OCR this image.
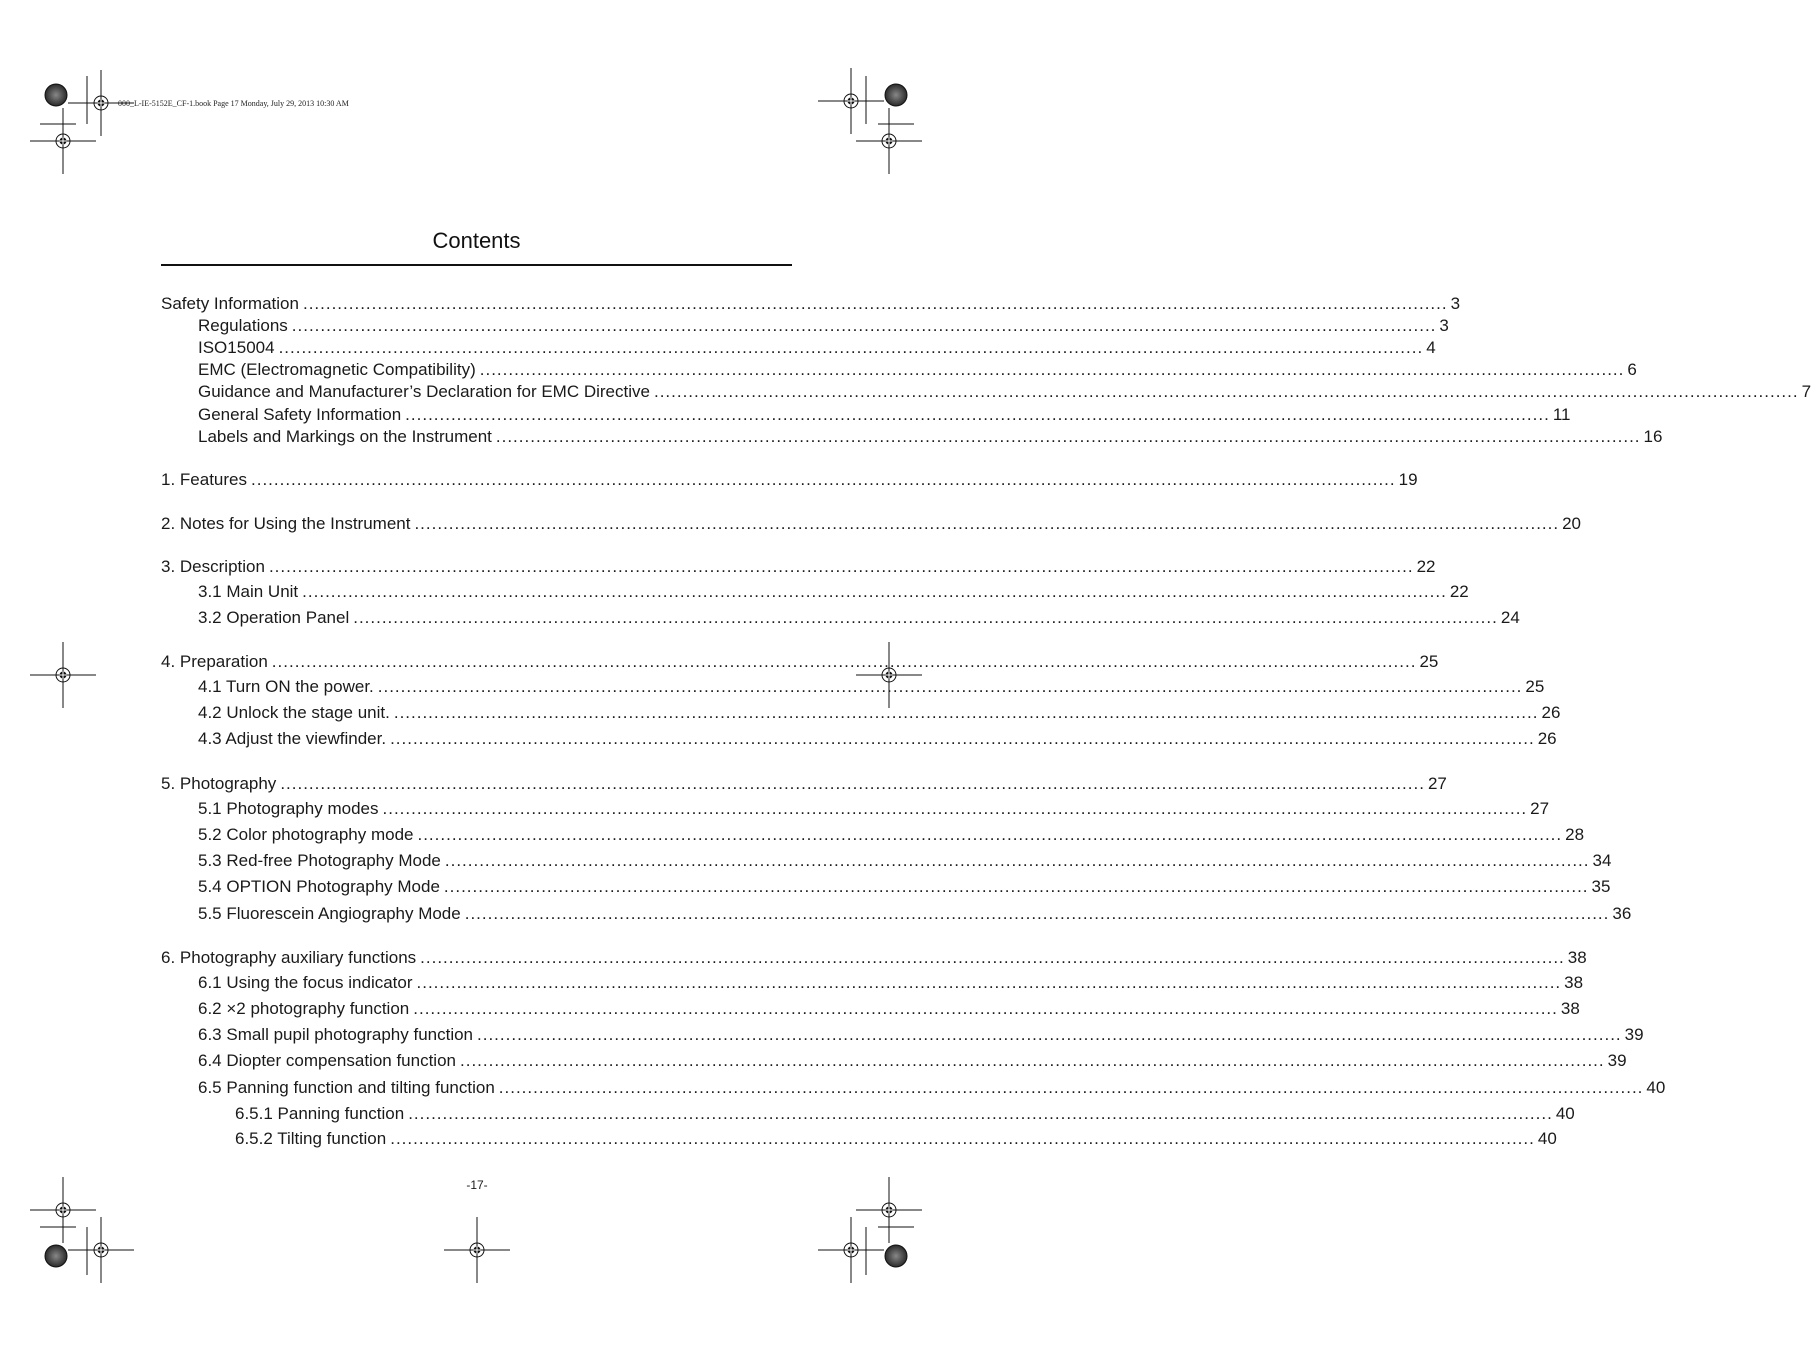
000_L-IE-5152E_CF-1.book Page 17 Monday, July 29, 2013 10:30 AM
Contents
Safety Information ........................................................................................................................................................................................................ 3
Regulations ........................................................................................................................................................................................................ 3
ISO15004 ........................................................................................................................................................................................................ 4
EMC (Electromagnetic Compatibility) ........................................................................................................................................................................................................ 6
Guidance and Manufacturer’s Declaration for EMC Directive ........................................................................................................................................................................................................ 7
General Safety Information ........................................................................................................................................................................................................ 11
Labels and Markings on the Instrument ........................................................................................................................................................................................................ 16
1. Features ........................................................................................................................................................................................................ 19
2. Notes for Using the Instrument ........................................................................................................................................................................................................ 20
3. Description ........................................................................................................................................................................................................ 22
3.1 Main Unit ........................................................................................................................................................................................................ 22
3.2 Operation Panel ........................................................................................................................................................................................................ 24
4. Preparation ........................................................................................................................................................................................................ 25
4.1 Turn ON the power. ........................................................................................................................................................................................................ 25
4.2 Unlock the stage unit. ........................................................................................................................................................................................................ 26
4.3 Adjust the viewfinder. ........................................................................................................................................................................................................ 26
5. Photography ........................................................................................................................................................................................................ 27
5.1 Photography modes ........................................................................................................................................................................................................ 27
5.2 Color photography mode ........................................................................................................................................................................................................ 28
5.3 Red-free Photography Mode ........................................................................................................................................................................................................ 34
5.4 OPTION Photography Mode ........................................................................................................................................................................................................ 35
5.5 Fluorescein Angiography Mode ........................................................................................................................................................................................................ 36
6. Photography auxiliary functions ........................................................................................................................................................................................................ 38
6.1 Using the focus indicator ........................................................................................................................................................................................................ 38
6.2 ×2 photography function ........................................................................................................................................................................................................ 38
6.3 Small pupil photography function ........................................................................................................................................................................................................ 39
6.4 Diopter compensation function ........................................................................................................................................................................................................ 39
6.5 Panning function and tilting function ........................................................................................................................................................................................................ 40
6.5.1 Panning function ........................................................................................................................................................................................................ 40
6.5.2 Tilting function ........................................................................................................................................................................................................ 40
-17-
